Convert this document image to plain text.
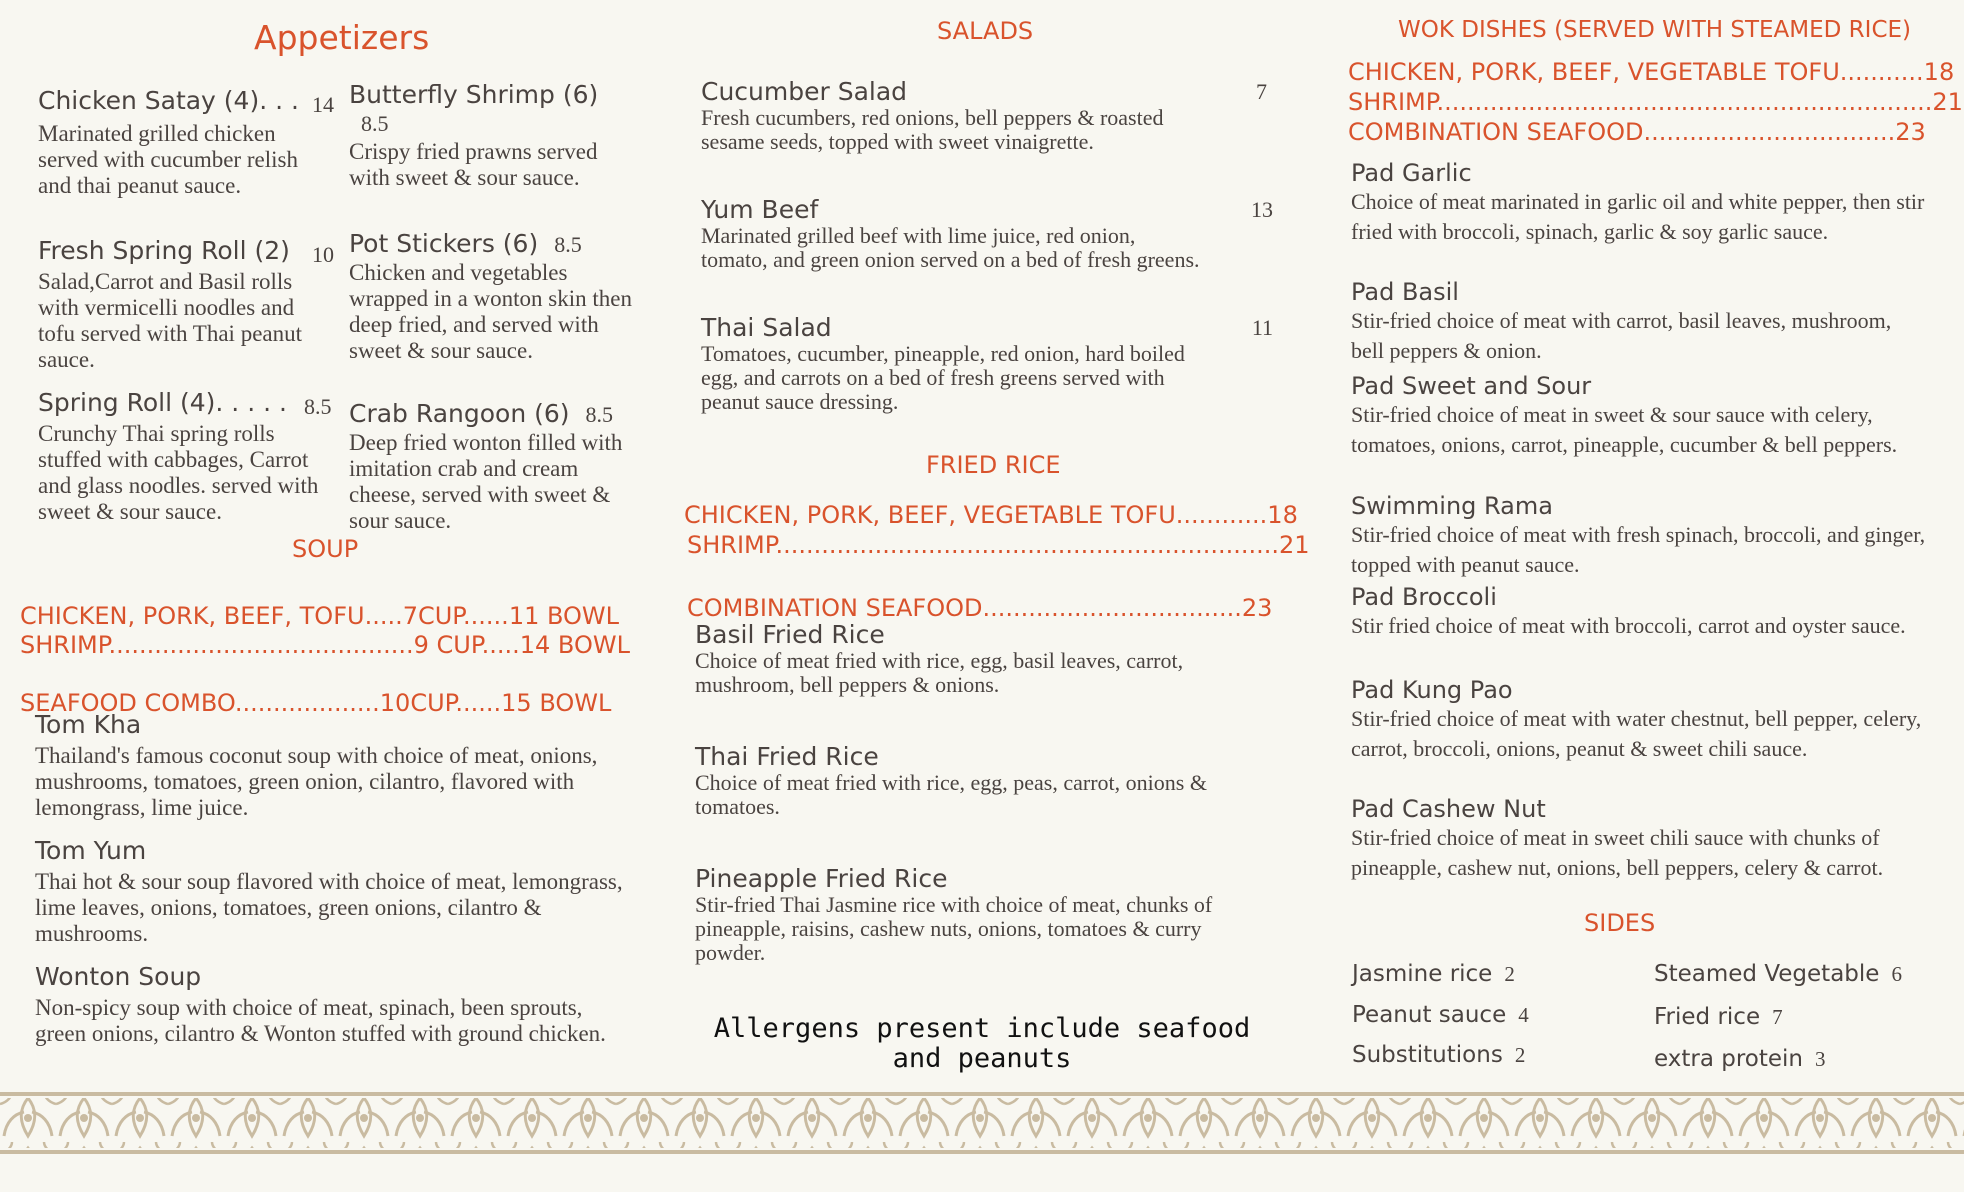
Appetizers
Chicken Satay (4). . . 14
Marinated grilled chicken served with cucumber relish and thai peanut sauce.
Fresh Spring Roll (2) 10
Salad,Carrot and Basil rolls with vermicelli noodles and tofu served with Thai peanut sauce.
Spring Roll (4). . . . . 8.5
Crunchy Thai spring rolls stuffed with cabbages, Carrot and glass noodles. served with sweet & sour sauce.
Butterfly Shrimp (6)
8.5
Crispy fried prawns served with sweet & sour sauce.
Pot Stickers (6) 8.5
Chicken and vegetables wrapped in a wonton skin then deep fried, and served with sweet & sour sauce.
Crab Rangoon (6) 8.5
Deep fried wonton filled with imitation crab and cream cheese, served with sweet & sour sauce.
SOUP
CHICKEN, PORK, BEEF, TOFU.....7CUP......11 BOWL
SHRIMP........................................9 CUP.....14 BOWL
SEAFOOD COMBO...................10CUP......15 BOWL
Tom Kha
Thailand's famous coconut soup with choice of meat, onions, mushrooms, tomatoes, green onion, cilantro, flavored with lemongrass, lime juice.
Tom Yum
Thai hot & sour soup flavored with choice of meat, lemongrass, lime leaves, onions, tomatoes, green onions, cilantro & mushrooms.
Wonton Soup
Non-spicy soup with choice of meat, spinach, been sprouts, green onions, cilantro & Wonton stuffed with ground chicken.
SALADS
Cucumber Salad	7
Fresh cucumbers, red onions, bell peppers & roasted sesame seeds, topped with sweet vinaigrette.
Yum Beef	13
Marinated grilled beef with lime juice, red onion, tomato, and green onion served on a bed of fresh greens.
Thai Salad	11
Tomatoes, cucumber, pineapple, red onion, hard boiled egg, and carrots on a bed of fresh greens served with peanut sauce dressing.
FRIED RICE
CHICKEN, PORK, BEEF, VEGETABLE TOFU............18
SHRIMP..................................................................21
COMBINATION SEAFOOD..................................23
Basil Fried Rice
Choice of meat fried with rice, egg, basil leaves, carrot, mushroom, bell peppers & onions.
Thai Fried Rice
Choice of meat fried with rice, egg, peas, carrot, onions & tomatoes.
Pineapple Fried Rice
Stir-fried Thai Jasmine rice with choice of meat, chunks of pineapple, raisins, cashew nuts, onions, tomatoes & curry powder.
Allergens present include seafood and peanuts
WOK DISHES (SERVED WITH STEAMED RICE)
CHICKEN, PORK, BEEF, VEGETABLE TOFU...........18
SHRIMP.................................................................21
COMBINATION SEAFOOD.................................23
Pad Garlic
Choice of meat marinated in garlic oil and white pepper, then stir fried with broccoli, spinach, garlic & soy garlic sauce.
Pad Basil
Stir-fried choice of meat with carrot, basil leaves, mushroom, bell peppers & onion.
Pad Sweet and Sour
Stir-fried choice of meat in sweet & sour sauce with celery, tomatoes, onions, carrot, pineapple, cucumber & bell peppers.
Swimming Rama
Stir-fried choice of meat with fresh spinach, broccoli, and ginger, topped with peanut sauce.
Pad Broccoli
Stir fried choice of meat with broccoli, carrot and oyster sauce.
Pad Kung Pao
Stir-fried choice of meat with water chestnut, bell pepper, celery, carrot, broccoli, onions, peanut & sweet chili sauce.
Pad Cashew Nut
Stir-fried choice of meat in sweet chili sauce with chunks of pineapple, cashew nut, onions, bell peppers, celery & carrot.
SIDES
Jasmine rice 2
Peanut sauce 4
Substitutions 2
Steamed Vegetable 6
Fried rice 7
extra protein 3
